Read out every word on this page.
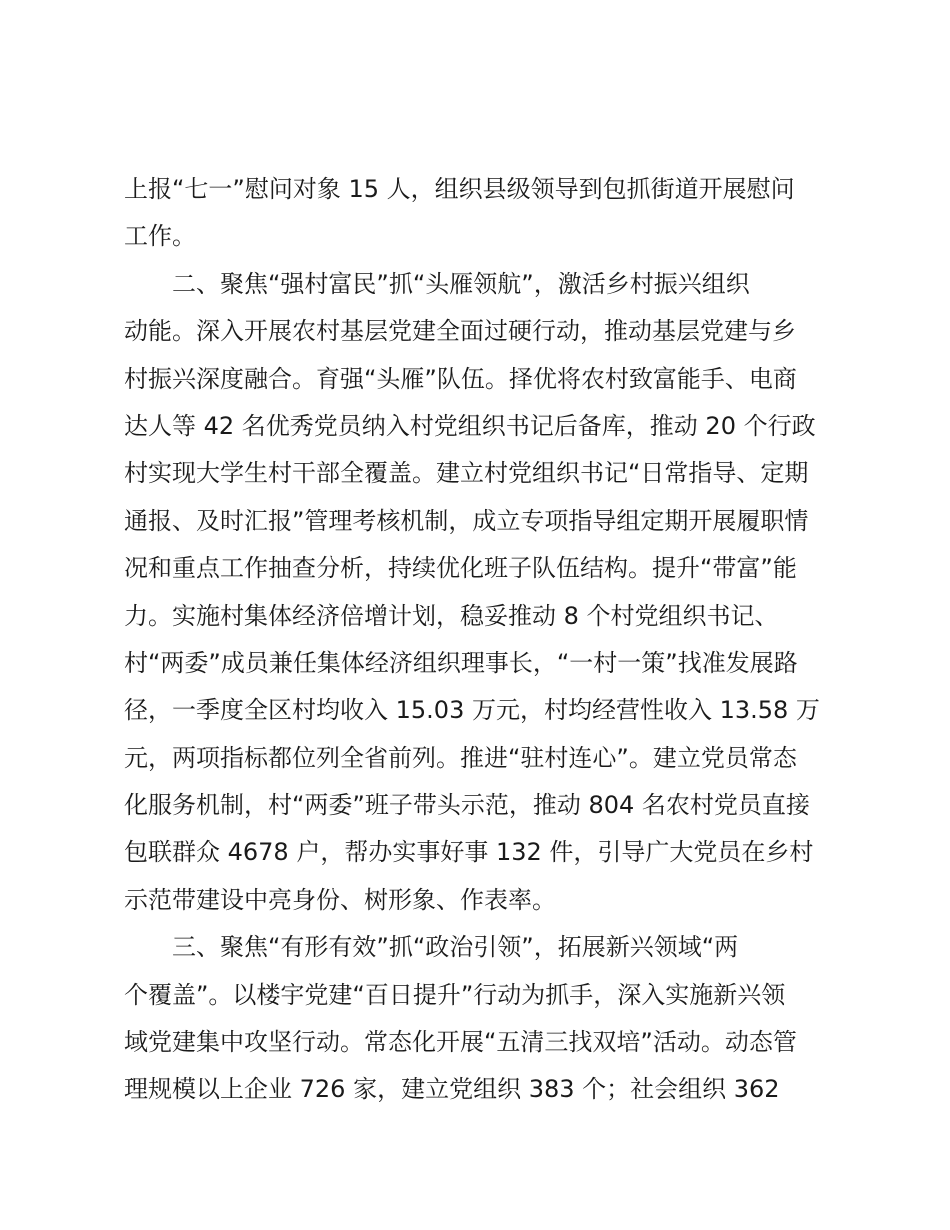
上报“七一”慰问对象 15 人，组织县级领导到包抓街道开展慰问
工作。
　　二、聚焦“强村富民”抓“头雁领航”，激活乡村振兴组织
动能。深入开展农村基层党建全面过硬行动，推动基层党建与乡
村振兴深度融合。育强“头雁”队伍。择优将农村致富能手、电商
达人等 42 名优秀党员纳入村党组织书记后备库，推动 20 个行政
村实现大学生村干部全覆盖。建立村党组织书记“日常指导、定期
通报、及时汇报”管理考核机制，成立专项指导组定期开展履职情
况和重点工作抽查分析，持续优化班子队伍结构。提升“带富”能
力。实施村集体经济倍增计划，稳妥推动 8 个村党组织书记、
村“两委”成员兼任集体经济组织理事长，“一村一策”找准发展路
径，一季度全区村均收入 15.03 万元，村均经营性收入 13.58 万
元，两项指标都位列全省前列。推进“驻村连心”。建立党员常态
化服务机制，村“两委”班子带头示范，推动 804 名农村党员直接
包联群众 4678 户，帮办实事好事 132 件，引导广大党员在乡村
示范带建设中亮身份、树形象、作表率。
　　三、聚焦“有形有效”抓“政治引领”，拓展新兴领域“两
个覆盖”。以楼宇党建“百日提升”行动为抓手，深入实施新兴领
域党建集中攻坚行动。常态化开展“五清三找双培”活动。动态管
理规模以上企业 726 家，建立党组织 383 个；社会组织 362
